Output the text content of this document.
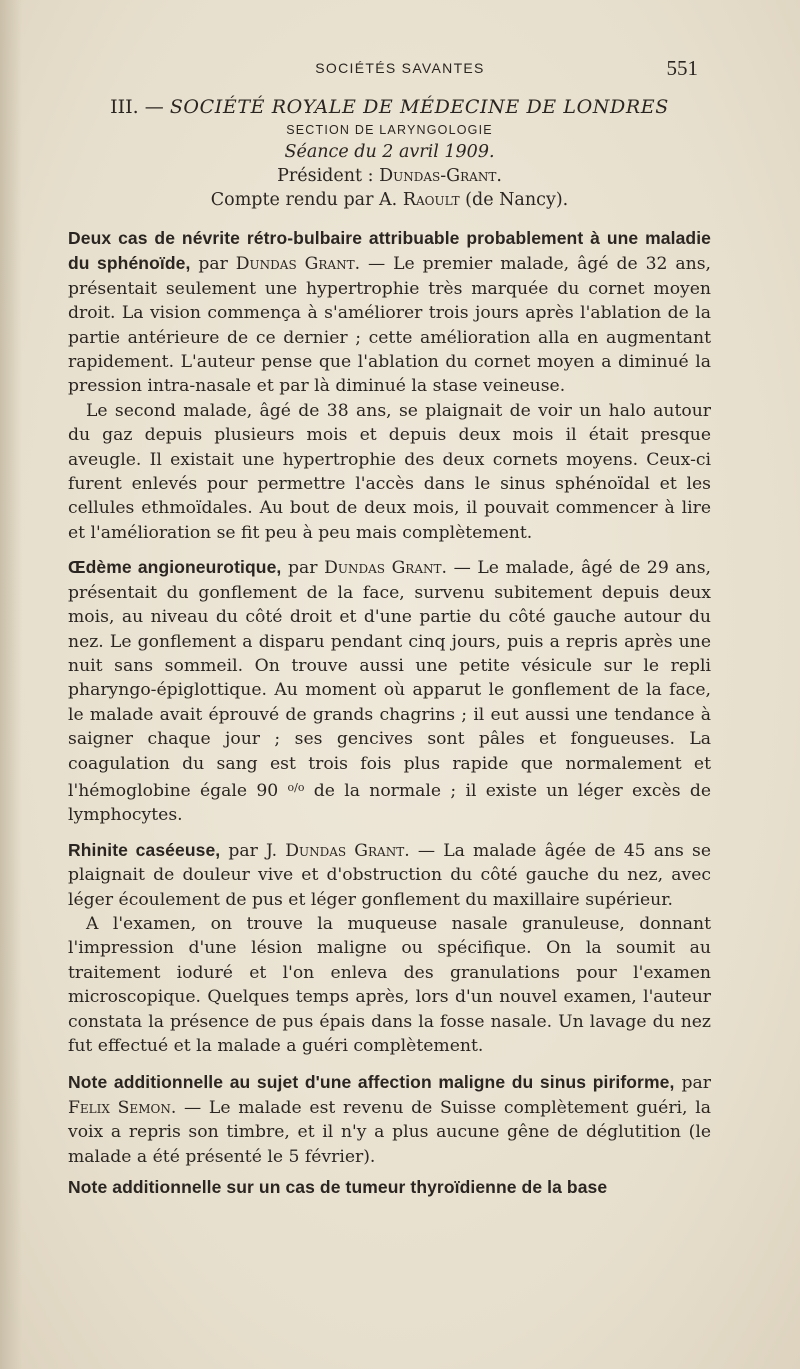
SOCIÉTÉS SAVANTES	551
III. — SOCIÉTÉ ROYALE DE MÉDECINE DE LONDRES
SECTION DE LARYNGOLOGIE
Séance du 2 avril 1909.
Président : Dundas-Grant.
Compte rendu par A. Raoult (de Nancy).

Deux cas de névrite rétro-bulbaire attribuable probablement à une maladie du sphénoïde, par Dundas Grant. — Le premier malade, âgé de 32 ans, présentait seulement une hypertrophie très marquée du cornet moyen droit. La vision commença à s'améliorer trois jours après l'ablation de la partie antérieure de ce dernier ; cette amélioration alla en augmentant rapidement. L'auteur pense que l'ablation du cornet moyen a diminué la pression intra-nasale et par là diminué la stase veineuse.

Le second malade, âgé de 38 ans, se plaignait de voir un halo autour du gaz depuis plusieurs mois et depuis deux mois il était presque aveugle. Il existait une hypertrophie des deux cornets moyens. Ceux-ci furent enlevés pour permettre l'accès dans le sinus sphénoïdal et les cellules ethmoïdales. Au bout de deux mois, il pouvait commencer à lire et l'amélioration se fit peu à peu mais complètement.

Œdème angioneurotique, par Dundas Grant. — Le malade, âgé de 29 ans, présentait du gonflement de la face, survenu subitement depuis deux mois, au niveau du côté droit et d'une partie du côté gauche autour du nez. Le gonflement a disparu pendant cinq jours, puis a repris après une nuit sans sommeil. On trouve aussi une petite vésicule sur le repli pharyngo-épiglottique. Au moment où apparut le gonflement de la face, le malade avait éprouvé de grands chagrins ; il eut aussi une tendance à saigner chaque jour ; ses gencives sont pâles et fongueuses. La coagulation du sang est trois fois plus rapide que normalement et l'hémoglobine égale 90 $^{o/o}$ de la normale ; il existe un léger excès de lymphocytes.

Rhinite caséeuse, par J. Dundas Grant. — La malade âgée de 45 ans se plaignait de douleur vive et d'obstruction du côté gauche du nez, avec léger écoulement de pus et léger gonflement du maxillaire supérieur.

A l'examen, on trouve la muqueuse nasale granuleuse, donnant l'impression d'une lésion maligne ou spécifique. On la soumit au traitement ioduré et l'on enleva des granulations pour l'examen microscopique. Quelques temps après, lors d'un nouvel examen, l'auteur constata la présence de pus épais dans la fosse nasale. Un lavage du nez fut effectué et la malade a guéri complètement.

Note additionnelle au sujet d'une affection maligne du sinus piriforme, par Felix Semon. — Le malade est revenu de Suisse complètement guéri, la voix a repris son timbre, et il n'y a plus aucune gêne de déglutition (le malade a été présenté le 5 février).

Note additionnelle sur un cas de tumeur thyroïdienne de la base
